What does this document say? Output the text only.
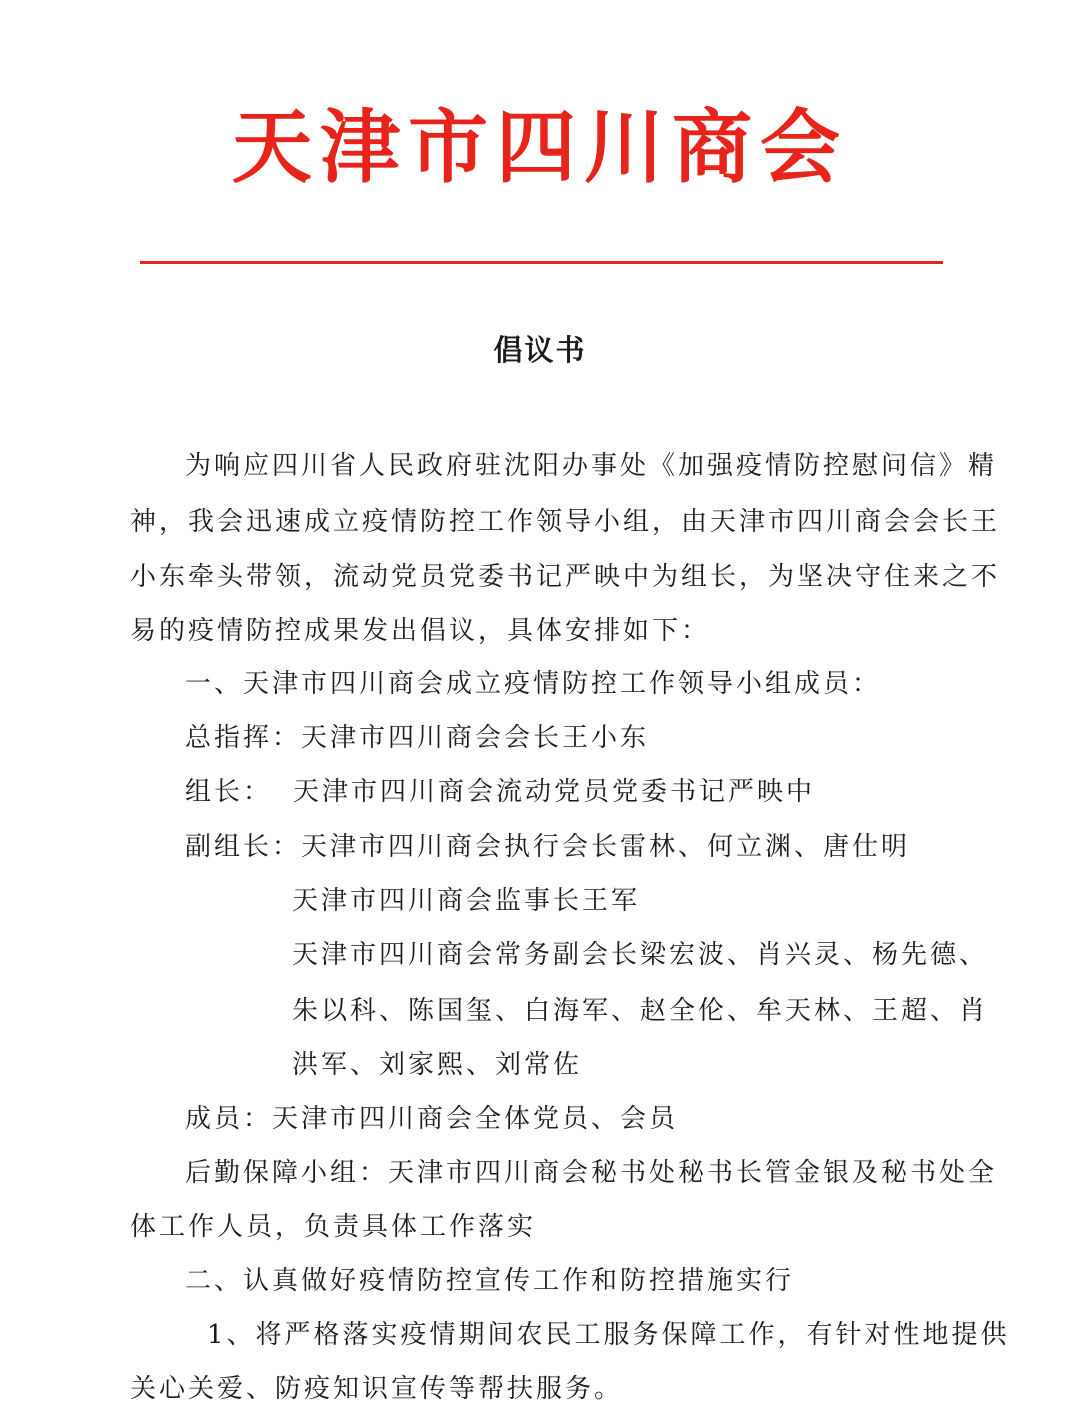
天津市四川商会
倡议书
为响应四川省人民政府驻沈阳办事处《加强疫情防控慰问信》精
神，我会迅速成立疫情防控工作领导小组，由天津市四川商会会长王
小东牵头带领，流动党员党委书记严映中为组长，为坚决守住来之不
易的疫情防控成果发出倡议，具体安排如下：
一、天津市四川商会成立疫情防控工作领导小组成员：
总指挥：天津市四川商会会长王小东
组长： 天津市四川商会流动党员党委书记严映中
副组长：天津市四川商会执行会长雷林、何立渊、唐仕明
天津市四川商会监事长王军
天津市四川商会常务副会长梁宏波、肖兴灵、杨先德、
朱以科、陈国玺、白海军、赵全伦、牟天林、王超、肖
洪军、刘家熙、刘常佐
成员：天津市四川商会全体党员、会员
后勤保障小组：天津市四川商会秘书处秘书长管金银及秘书处全
体工作人员，负责具体工作落实
二、认真做好疫情防控宣传工作和防控措施实行
1、将严格落实疫情期间农民工服务保障工作，有针对性地提供
关心关爱、防疫知识宣传等帮扶服务。
